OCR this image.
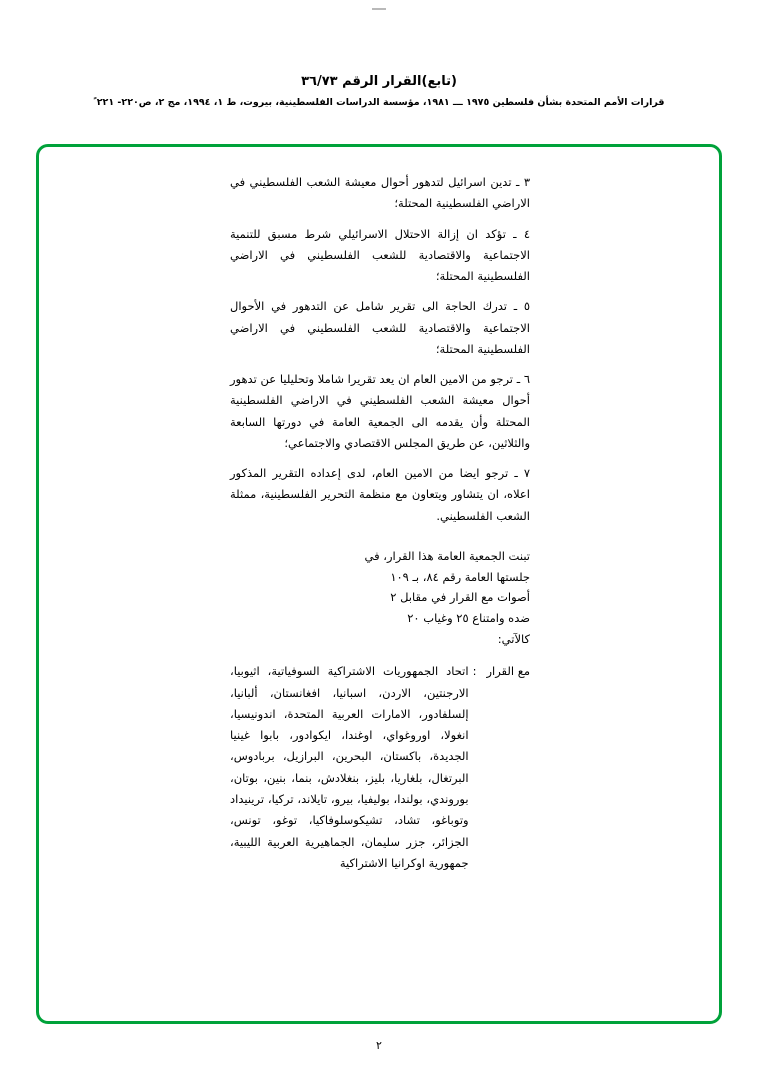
(تابع)القرار الرقم ٣٦/٧٣
قرارات الأمم المتحدة بشأن فلسطين ١٩٧٥ ـــ ١٩٨١، مؤسسة الدراسات الفلسطينية، بيروت، ط ١، ١٩٩٤، مج ٢، ص٢٢٠- ٢٢١ ً

٣ ـ تدين اسرائيل لتدهور أحوال معيشة الشعب الفلسطيني في الاراضي الفلسطينية المحتلة؛

٤ ـ تؤكد ان إزالة الاحتلال الاسرائيلي شرط مسبق للتنمية الاجتماعية والاقتصادية للشعب الفلسطيني في الاراضي الفلسطينية المحتلة؛

٥ ـ تدرك الحاجة الى تقرير شامل عن التدهور في الأحوال الاجتماعية والاقتصادية للشعب الفلسطيني في الاراضي الفلسطينية المحتلة؛

٦ ـ ترجو من الامين العام ان يعد تقريرا شاملا وتحليليا عن تدهور أحوال معيشة الشعب الفلسطيني في الاراضي الفلسطينية المحتلة وأن يقدمه الى الجمعية العامة في دورتها السابعة والثلاثين، عن طريق المجلس الاقتصادي والاجتماعي؛

٧ ـ ترجو ايضا من الامين العام، لدى إعداده التقرير المذكور اعلاه، ان يتشاور ويتعاون مع منظمة التحرير الفلسطينية، ممثلة الشعب الفلسطيني.

تبنت الجمعية العامة هذا القرار، في

جلستها العامة رقم ٨٤، بـ ١٠٩

أصوات مع القرار في مقابل ٢

ضده وامتناع ٢٥ وغياب ٢٠

كالآتي:

مع القرار
:
اتحاد الجمهوريات الاشتراكية السوفياتية، اثيوبيا، الارجنتين، الاردن، اسبانيا، افغانستان، ألبانيا، إلسلفادور، الامارات العربية المتحدة، اندونيسيا، انغولا، اوروغواي، اوغندا، ايكوادور، بابوا غينيا الجديدة، باكستان، البحرين، البرازيل، بربادوس، البرتغال، بلغاريا، بليز، بنغلادش، بنما، بنين، بوتان، بوروندي، بولندا، بوليفيا، بيرو، تايلاند، تركيا، ترينيداد وتوباغو، تشاد، تشيكوسلوفاكيا، توغو، تونس، الجزائر، جزر سليمان، الجماهيرية العربية الليبية، جمهورية اوكرانيا الاشتراكية
٢
